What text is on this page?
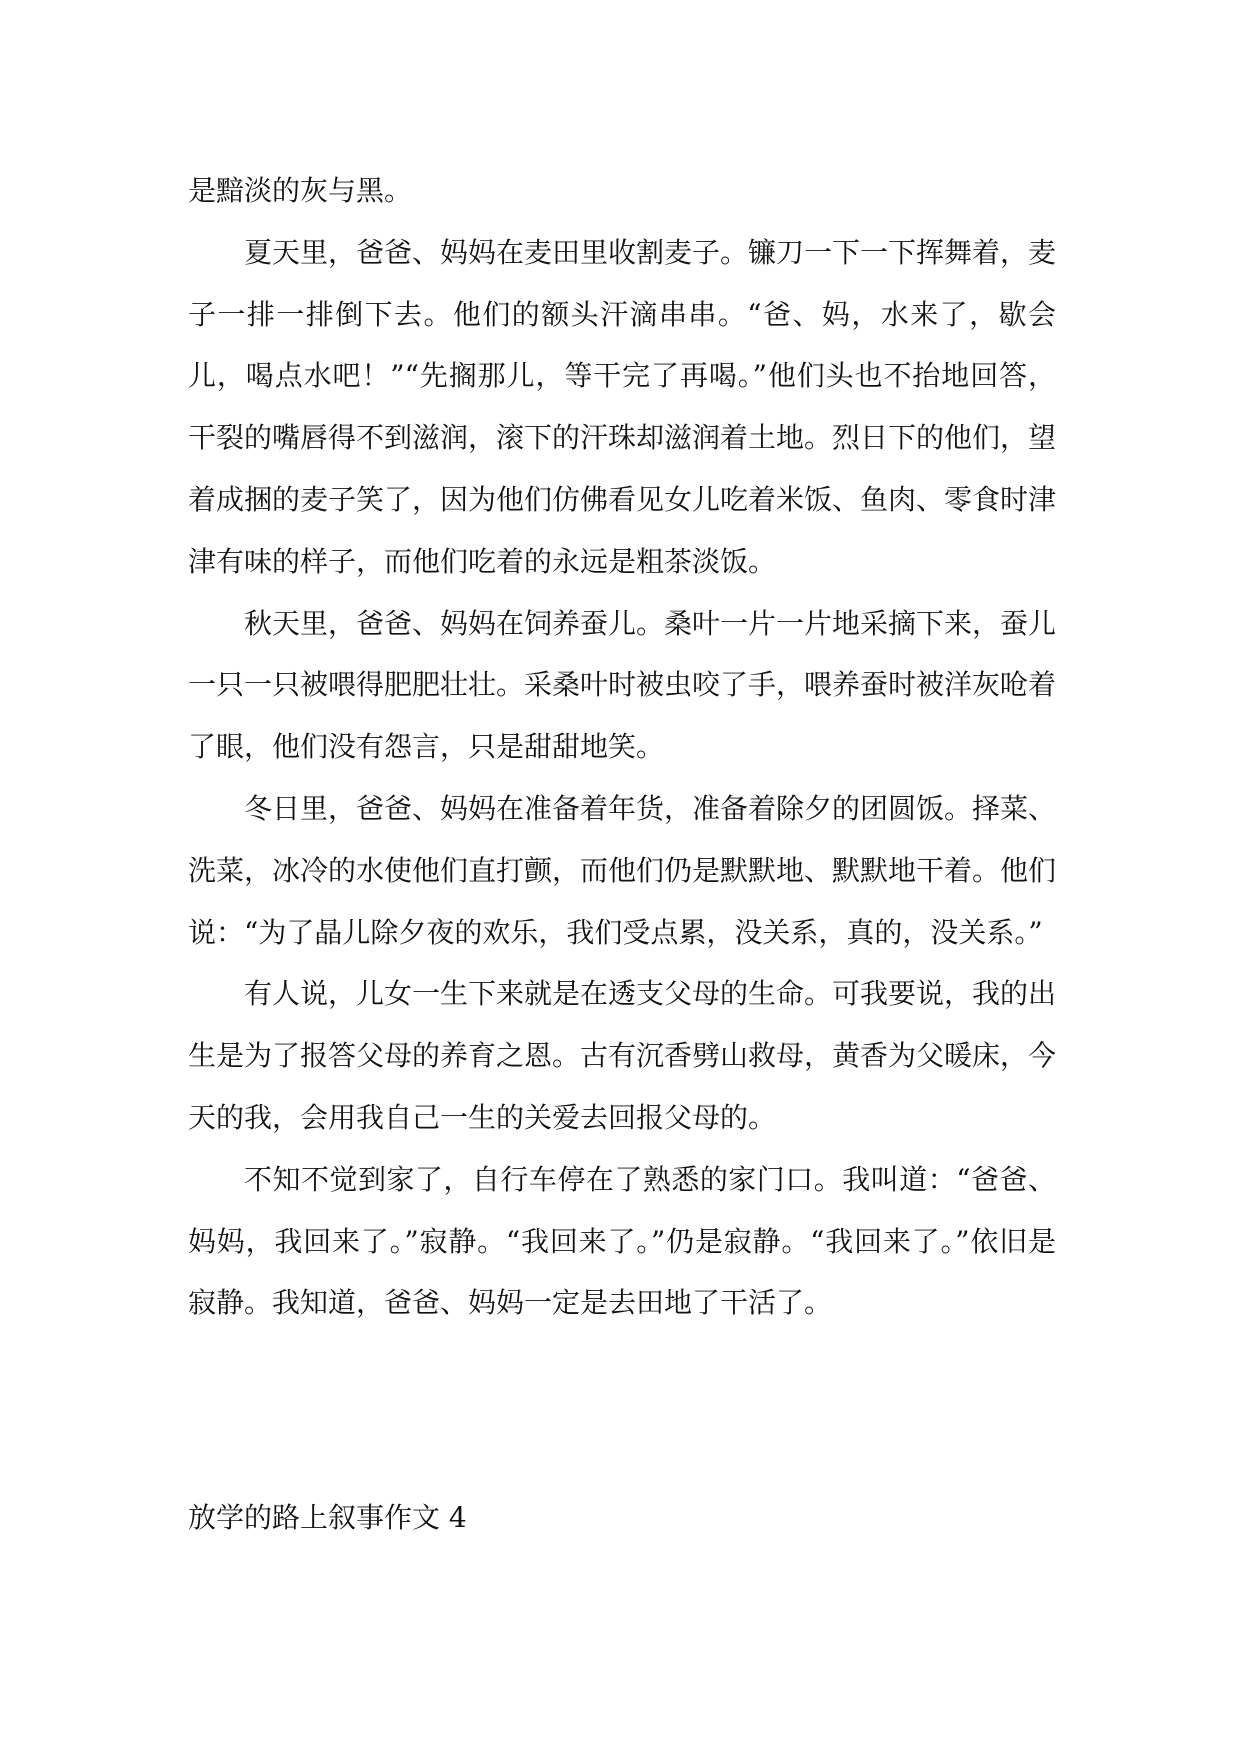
是黯淡的灰与黑。

夏天里，爸爸、妈妈在麦田里收割麦子。镰刀一下一下挥舞着，麦子一排一排倒下去。他们的额头汗滴串串。“爸、妈，水来了，歇会儿，喝点水吧！”“先搁那儿，等干完了再喝。”他们头也不抬地回答，干裂的嘴唇得不到滋润，滚下的汗珠却滋润着土地。烈日下的他们，望着成捆的麦子笑了，因为他们仿佛看见女儿吃着米饭、鱼肉、零食时津津有味的样子，而他们吃着的永远是粗茶淡饭。

秋天里，爸爸、妈妈在饲养蚕儿。桑叶一片一片地采摘下来，蚕儿一只一只被喂得肥肥壮壮。采桑叶时被虫咬了手，喂养蚕时被洋灰呛着了眼，他们没有怨言，只是甜甜地笑。

冬日里，爸爸、妈妈在准备着年货，准备着除夕的团圆饭。择菜、洗菜，冰冷的水使他们直打颤，而他们仍是默默地、默默地干着。他们说：“为了晶儿除夕夜的欢乐，我们受点累，没关系，真的，没关系。”

有人说，儿女一生下来就是在透支父母的生命。可我要说，我的出生是为了报答父母的养育之恩。古有沉香劈山救母，黄香为父暖床，今天的我，会用我自己一生的关爱去回报父母的。

不知不觉到家了，自行车停在了熟悉的家门口。我叫道：“爸爸、妈妈，我回来了。”寂静。“我回来了。”仍是寂静。“我回来了。”依旧是寂静。我知道，爸爸、妈妈一定是去田地了干活了。

放学的路上叙事作文 4
